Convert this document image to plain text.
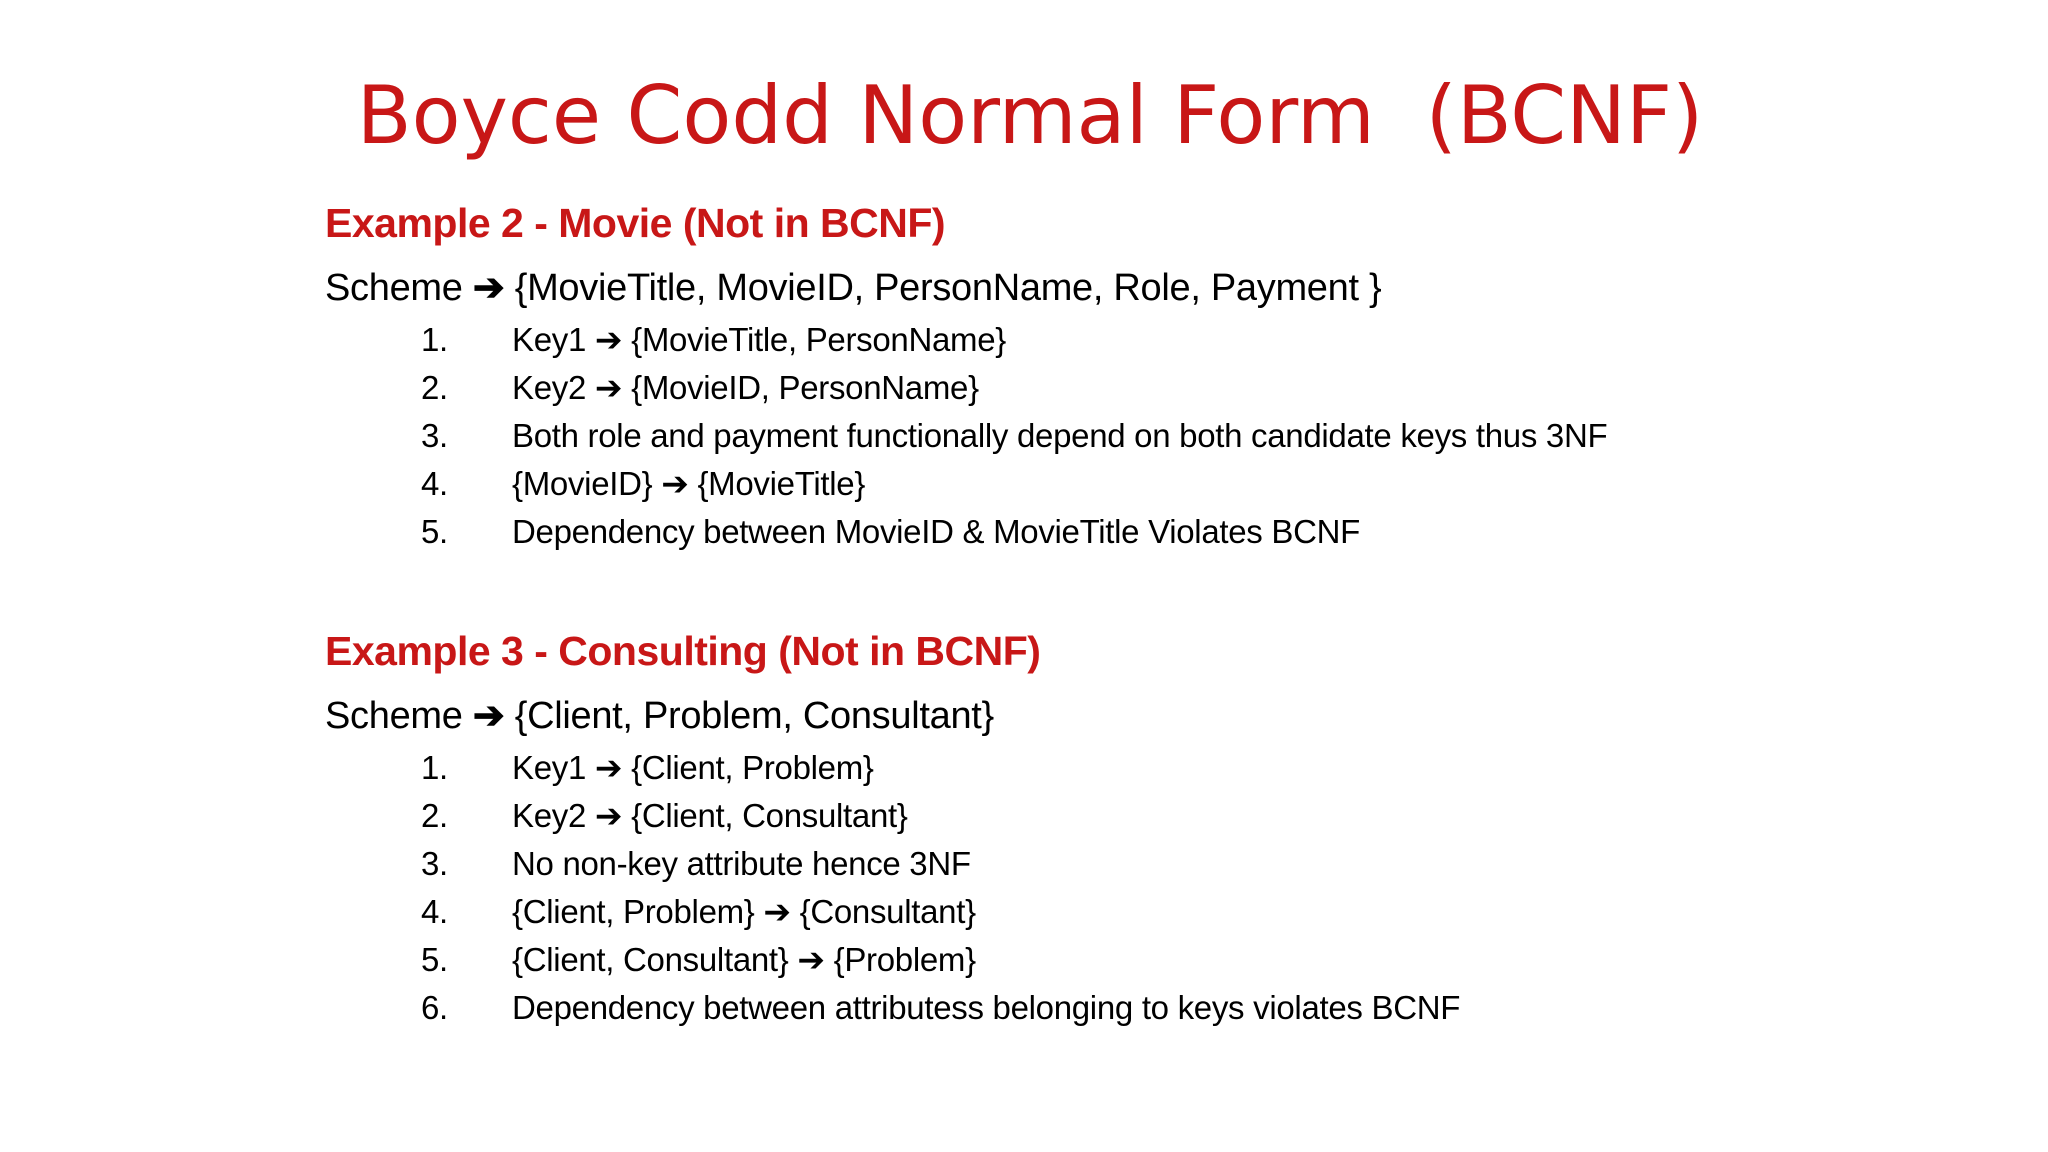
Boyce Codd Normal Form  (BCNF)
Example 2 - Movie (Not in BCNF)
Scheme ➔ {MovieTitle, MovieID, PersonName, Role, Payment }
1. Key1 ➔ {MovieTitle, PersonName}
2. Key2 ➔ {MovieID, PersonName}
3. Both role and payment functionally depend on both candidate keys thus 3NF
4. {MovieID} ➔ {MovieTitle}
5. Dependency between MovieID & MovieTitle Violates BCNF
Example 3 - Consulting (Not in BCNF)
Scheme ➔ {Client, Problem, Consultant}
1. Key1 ➔ {Client, Problem}
2. Key2 ➔ {Client, Consultant}
3. No non-key attribute hence 3NF
4. {Client, Problem} ➔ {Consultant}
5. {Client, Consultant} ➔ {Problem}
6. Dependency between attributess belonging to keys violates BCNF
